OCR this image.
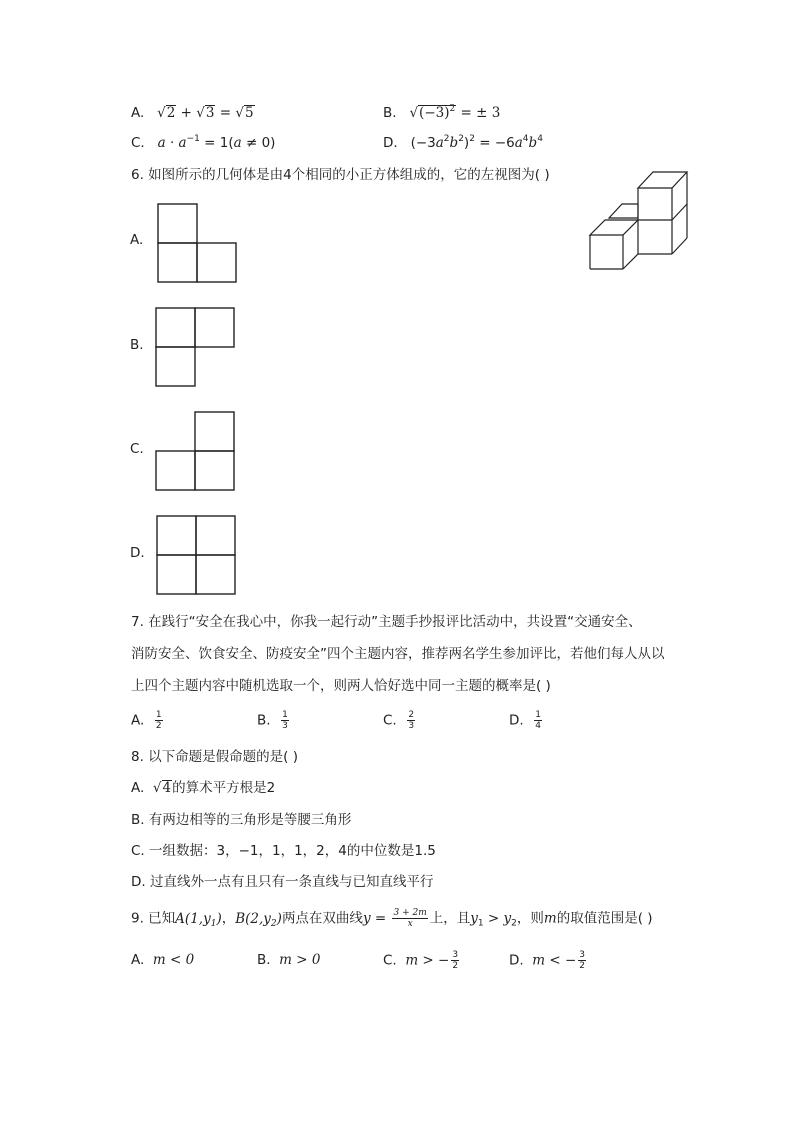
A. √2 + √3 = √5	B. $√(-3)^2$ = ± 3
C. $a \cdot a^{-1} = 1(a \ne 0)$	D. $(-3a^2b^2)^2 = -6a^4b^4$
6. 如图所示的几何体是由4个相同的小正方体组成的，它的左视图为( )
A.
B.
C.
D.
7. 在践行“安全在我心中，你我一起行动”主题手抄报评比活动中，共设置“交通安全、
消防安全、饮食安全、防疫安全”四个主题内容，推荐两名学生参加评比，若他们每人从以
上四个主题内容中随机选取一个，则两人恰好选中同一主题的概率是( )
A. $\frac{1}{2}$	B. $\frac{1}{3}$	C. $\frac{2}{3}$	D. $\frac{1}{4}$
8. 以下命题是假命题的是( )
A. √4的算术平方根是2
B. 有两边相等的三角形是等腰三角形
C. 一组数据：3，−1，1，1，2，4的中位数是1.5
D. 过直线外一点有且只有一条直线与已知直线平行
9. 已知$A(1,y_1)$，$B(2,y_2)$两点在双曲线$y = \frac{3 + 2m}{x}$ 上，且$y_1 > y_2$，则m的取值范围是( )
A. m < 0	B. m > 0	C. m > − $\frac{3}{2}$	D. m < − $\frac{3}{2}$
